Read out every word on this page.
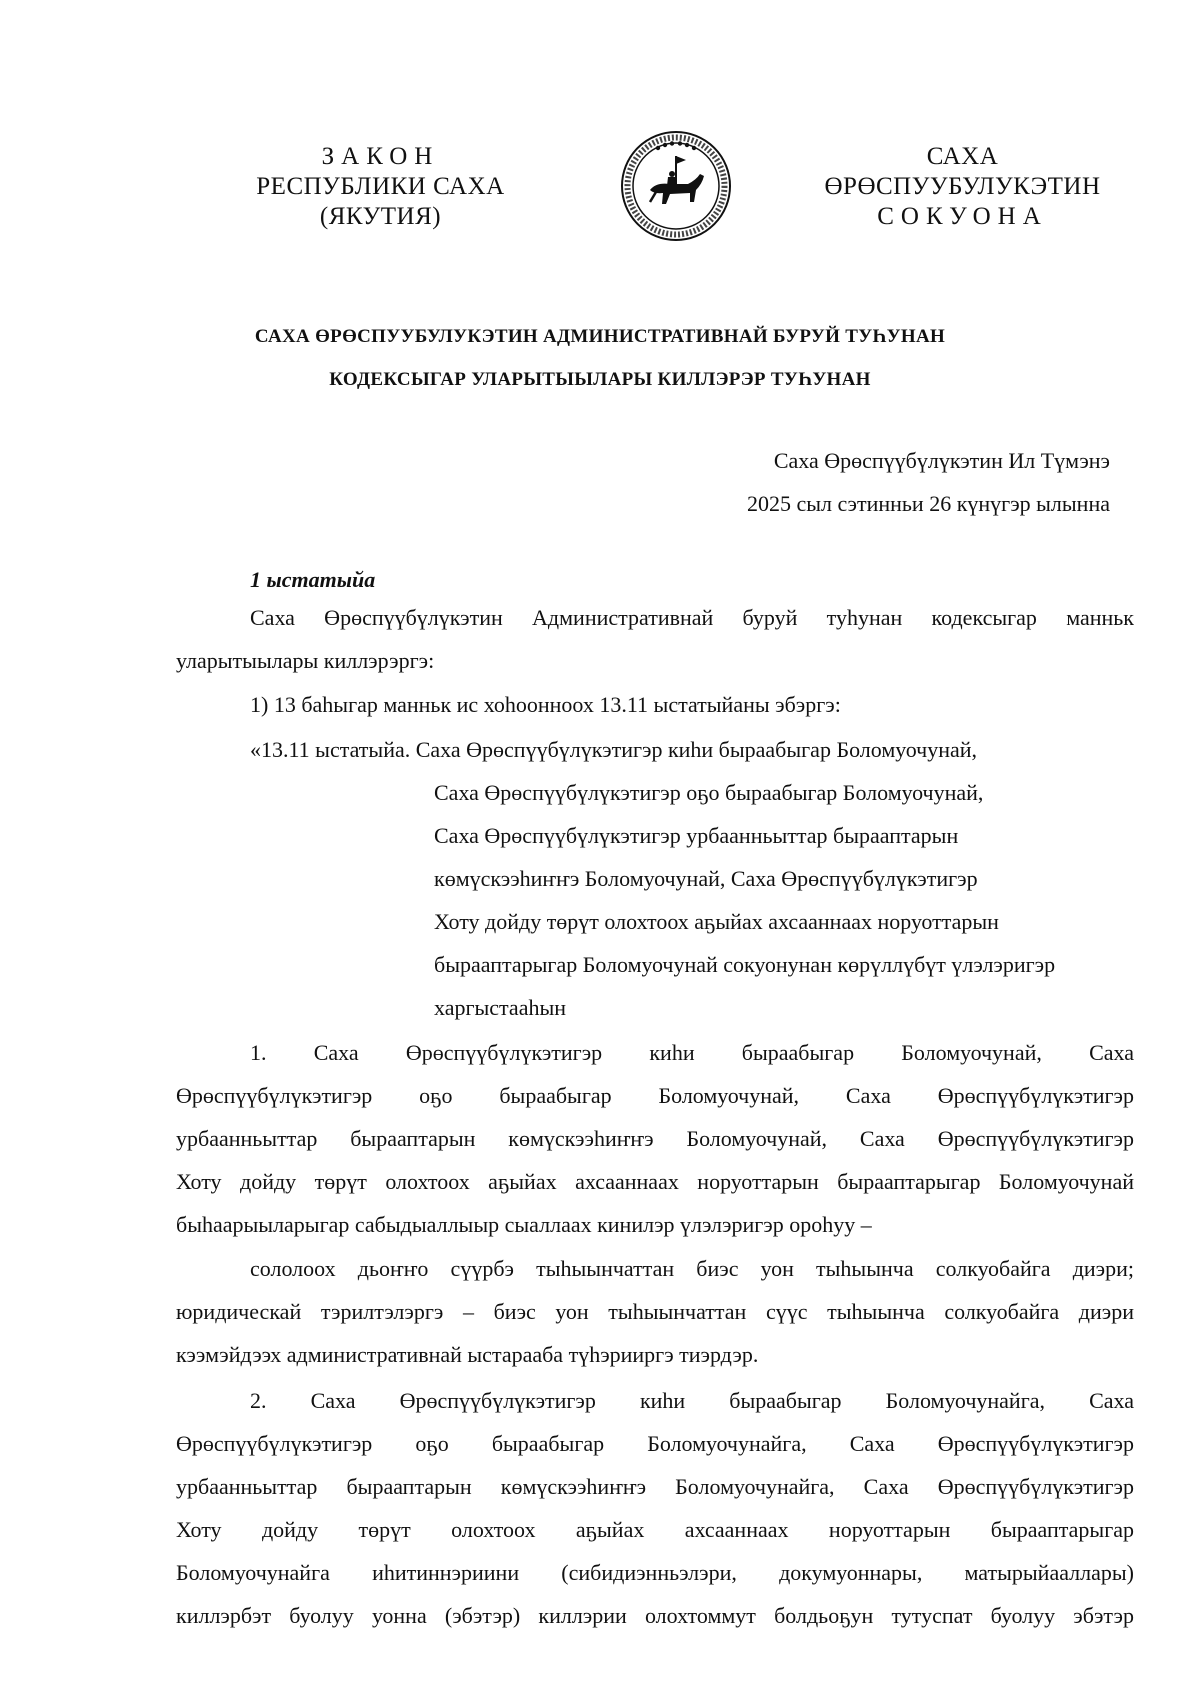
ЗАКОН
РЕСПУБЛИКИ САХА (ЯКУТИЯ)
САХА ӨРӨСПУУБУЛУКЭТИН
СОКУОНА
САХА ӨРӨСПУУБУЛУКЭТИН АДМИНИСТРАТИВНАЙ БУРУЙ ТУҺУНАН
КОДЕКСЫГАР УЛАРЫТЫЫЛАРЫ КИЛЛЭРЭР ТУҺУНАН
Саха Өрөспүүбүлүкэтин Ил Түмэнэ
2025 сыл сэтинньи 26 күнүгэр ылынна
1 ыстатыйа
Саха Өрөспүүбүлүкэтин Административнай буруй туһунан кодексыгар манньк
уларытыылары киллэрэргэ:
1) 13 баһыгар манньк ис хоһоонноох 13.11 ыстатыйаны эбэргэ:
«13.11 ыстатыйа. Саха Өрөспүүбүлүкэтигэр киһи быраабыгар Боломуочунай,
Саха Өрөспүүбүлүкэтигэр оҕо быраабыгар Боломуочунай,
Саха Өрөспүүбүлүкэтигэр урбаанньыттар бырааптарын
көмүскээһиҥҥэ Боломуочунай, Саха Өрөспүүбүлүкэтигэр
Хоту дойду төрүт олохтоох аҕыйах ахсааннаах норуоттарын
бырааптарыгар Боломуочунай сокуонунан көрүллүбүт үлэлэригэр
харгыстааһын
1. Саха Өрөспүүбүлүкэтигэр киһи быраабыгар Боломуочунай, Саха
Өрөспүүбүлүкэтигэр оҕо быраабыгар Боломуочунай, Саха Өрөспүүбүлүкэтигэр
урбаанньыттар бырааптарын көмүскээһиҥҥэ Боломуочунай, Саха Өрөспүүбүлүкэтигэр
Хоту дойду төрүт олохтоох аҕыйах ахсааннаах норуоттарын бырааптарыгар Боломуочунай
быһаарыыларыгар сабыдыаллыыр сыаллаах кинилэр үлэлэригэр ороһуу –
сололоох дьоҥҥо сүүрбэ тыһыынчаттан биэс уон тыһыынча солкуобайга диэри;
юридическай тэрилтэлэргэ – биэс уон тыһыынчаттан сүүс тыһыынча солкуобайга диэри
кээмэйдээх административнай ыстарааба түһэрииргэ тиэрдэр.
2. Саха Өрөспүүбүлүкэтигэр киһи быраабыгар Боломуочунайга, Саха
Өрөспүүбүлүкэтигэр оҕо быраабыгар Боломуочунайга, Саха Өрөспүүбүлүкэтигэр
урбаанньыттар бырааптарын көмүскээһиҥҥэ Боломуочунайга, Саха Өрөспүүбүлүкэтигэр
Хоту дойду төрүт олохтоох аҕыйах ахсааннаах норуоттарын бырааптарыгар
Боломуочунайга иһитиннэриини (сибидиэнньэлэри, докумуоннары, матырыйааллары)
киллэрбэт буолуу уонна (эбэтэр) киллэрии олохтоммут болдьоҕун тутуспат буолуу эбэтэр
